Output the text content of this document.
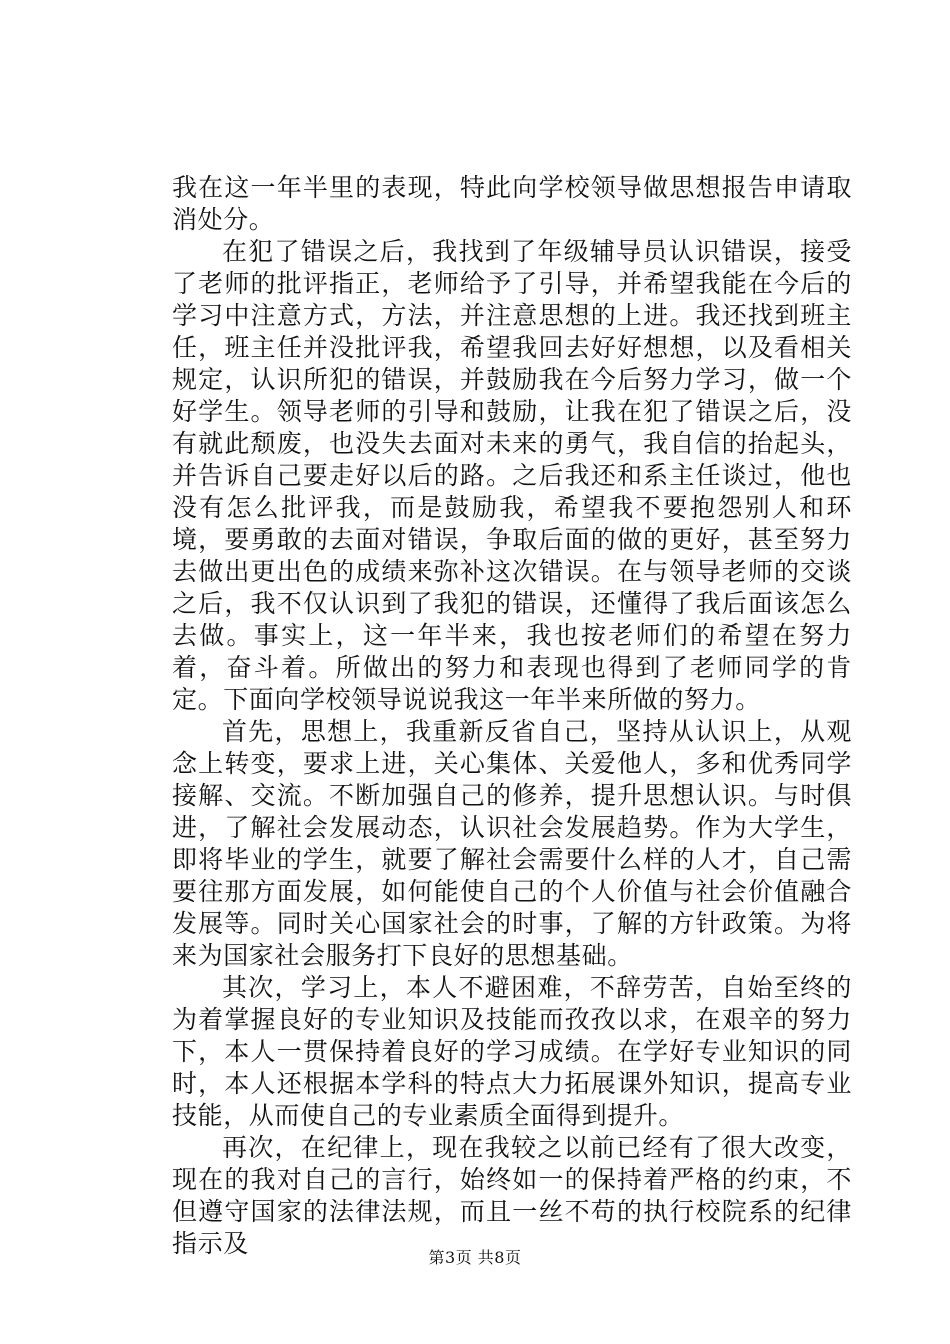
我在这一年半里的表现，特此向学校领导做思想报告申请取消处分。

在犯了错误之后，我找到了年级辅导员认识错误，接受了老师的批评指正，老师给予了引导，并希望我能在今后的学习中注意方式，方法，并注意思想的上进。我还找到班主任，班主任并没批评我，希望我回去好好想想，以及看相关规定，认识所犯的错误，并鼓励我在今后努力学习，做一个好学生。领导老师的引导和鼓励，让我在犯了错误之后，没有就此颓废，也没失去面对未来的勇气，我自信的抬起头，并告诉自己要走好以后的路。之后我还和系主任谈过，他也没有怎么批评我，而是鼓励我，希望我不要抱怨别人和环境，要勇敢的去面对错误，争取后面的做的更好，甚至努力去做出更出色的成绩来弥补这次错误。在与领导老师的交谈之后，我不仅认识到了我犯的错误，还懂得了我后面该怎么去做。事实上，这一年半来，我也按老师们的希望在努力着，奋斗着。所做出的努力和表现也得到了老师同学的肯定。下面向学校领导说说我这一年半来所做的努力。

首先，思想上，我重新反省自己，坚持从认识上，从观念上转变，要求上进，关心集体、关爱他人，多和优秀同学接解、交流。不断加强自己的修养，提升思想认识。与时俱进，了解社会发展动态，认识社会发展趋势。作为大学生，即将毕业的学生，就要了解社会需要什么样的人才，自己需要往那方面发展，如何能使自己的个人价值与社会价值融合发展等。同时关心国家社会的时事，了解的方针政策。为将来为国家社会服务打下良好的思想基础。

其次，学习上，本人不避困难，不辞劳苦，自始至终的为着掌握良好的专业知识及技能而孜孜以求，在艰辛的努力下，本人一贯保持着良好的学习成绩。在学好专业知识的同时，本人还根据本学科的特点大力拓展课外知识，提高专业技能，从而使自己的专业素质全面得到提升。

再次，在纪律上，现在我较之以前已经有了很大改变，现在的我对自己的言行，始终如一的保持着严格的约束，不但遵守国家的法律法规，而且一丝不苟的执行校院系的纪律指示及	第3页 共8页
